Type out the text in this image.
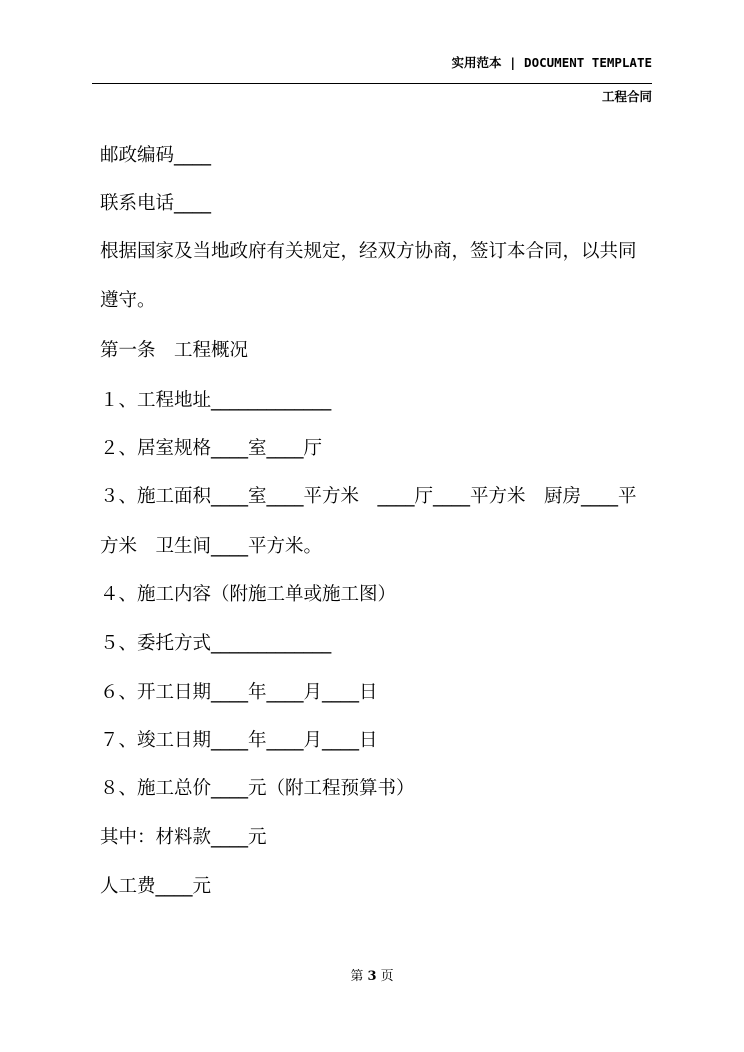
实用范本 | DOCUMENT TEMPLATE
工程合同
邮政编码____
联系电话____
根据国家及当地政府有关规定，经双方协商，签订本合同，以共同
遵守。
第一条　工程概况
１、工程地址_____________
２、居室规格____室____厅
３、施工面积____室____平方米　____厅____平方米　厨房____平
方米　卫生间____平方米。
４、施工内容（附施工单或施工图）
５、委托方式_____________
６、开工日期____年____月____日
７、竣工日期____年____月____日
８、施工总价____元（附工程预算书）
其中：材料款____元
人工费____元
第 3 页
